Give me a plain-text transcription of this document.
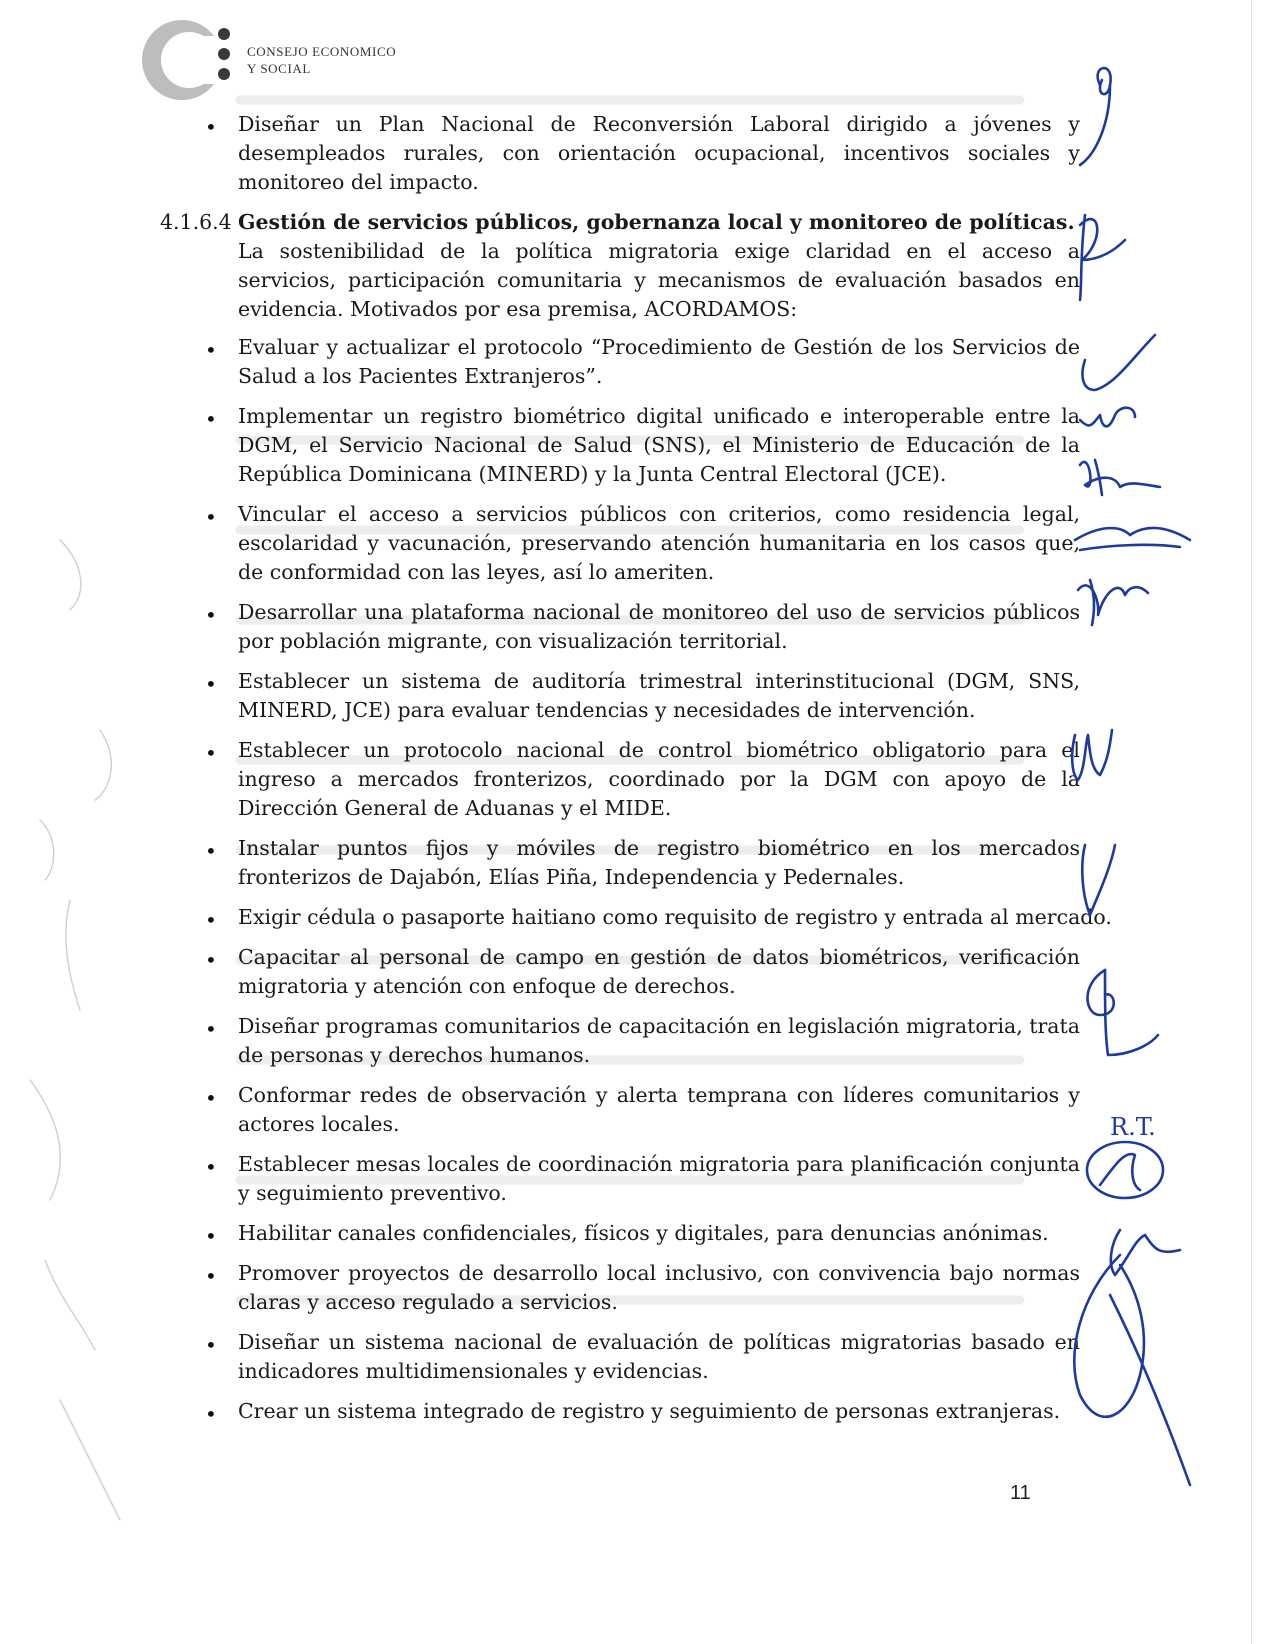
ES	CONSEJO ECONOMICO
Y SOCIAL
• Diseñar un Plan Nacional de Reconversión Laboral dirigido a jóvenes y desempleados rurales, con orientación ocupacional, incentivos sociales y monitoreo del impacto.
4.1.6.4 Gestión de servicios públicos, gobernanza local y monitoreo de políticas.
La sostenibilidad de la política migratoria exige claridad en el acceso a servicios, participación comunitaria y mecanismos de evaluación basados en evidencia. Motivados por esa premisa, ACORDAMOS:
• Evaluar y actualizar el protocolo “Procedimiento de Gestión de los Servicios de Salud a los Pacientes Extranjeros”.
• Implementar un registro biométrico digital unificado e interoperable entre la DGM, el Servicio Nacional de Salud (SNS), el Ministerio de Educación de la República Dominicana (MINERD) y la Junta Central Electoral (JCE).
• Vincular el acceso a servicios públicos con criterios, como residencia legal, escolaridad y vacunación, preservando atención humanitaria en los casos que, de conformidad con las leyes, así lo ameriten.
• Desarrollar una plataforma nacional de monitoreo del uso de servicios públicos por población migrante, con visualización territorial.
• Establecer un sistema de auditoría trimestral interinstitucional (DGM, SNS, MINERD, JCE) para evaluar tendencias y necesidades de intervención.
• Establecer un protocolo nacional de control biométrico obligatorio para el ingreso a mercados fronterizos, coordinado por la DGM con apoyo de la Dirección General de Aduanas y el MIDE.
• Instalar puntos fijos y móviles de registro biométrico en los mercados fronterizos de Dajabón, Elías Piña, Independencia y Pedernales.
• Exigir cédula o pasaporte haitiano como requisito de registro y entrada al mercado.
• Capacitar al personal de campo en gestión de datos biométricos, verificación migratoria y atención con enfoque de derechos.
• Diseñar programas comunitarios de capacitación en legislación migratoria, trata de personas y derechos humanos.
• Conformar redes de observación y alerta temprana con líderes comunitarios y actores locales.
• Establecer mesas locales de coordinación migratoria para planificación conjunta y seguimiento preventivo.
• Habilitar canales confidenciales, físicos y digitales, para denuncias anónimas.
• Promover proyectos de desarrollo local inclusivo, con convivencia bajo normas claras y acceso regulado a servicios.
• Diseñar un sistema nacional de evaluación de políticas migratorias basado en indicadores multidimensionales y evidencias.
• Crear un sistema integrado de registro y seguimiento de personas extranjeras.
R.T.
11
